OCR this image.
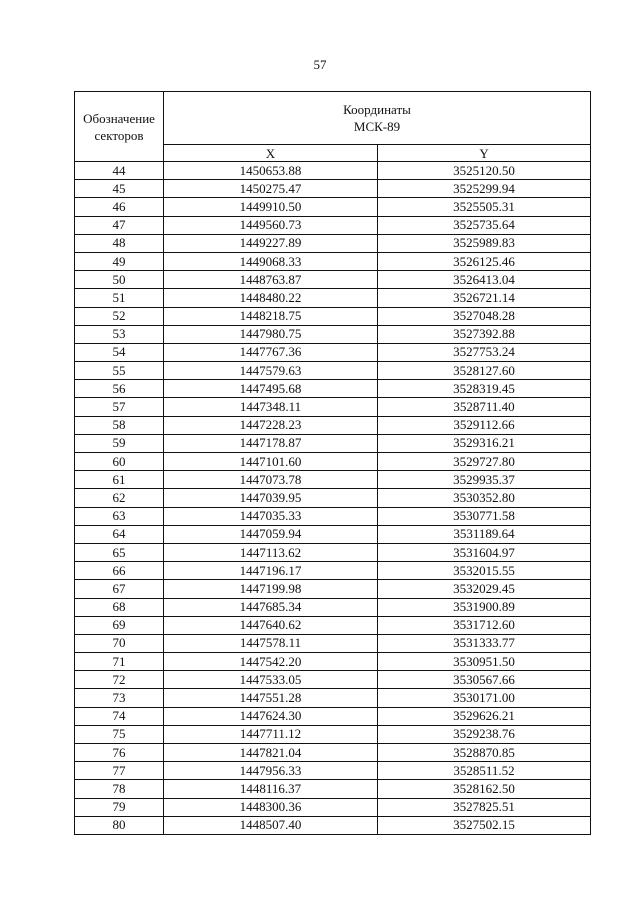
57
Обозначение
секторов	Координаты
МСК-89	

	X	Y
44	1450653.88	3525120.50
45	1450275.47	3525299.94
46	1449910.50	3525505.31
47	1449560.73	3525735.64
48	1449227.89	3525989.83
49	1449068.33	3526125.46
50	1448763.87	3526413.04
51	1448480.22	3526721.14
52	1448218.75	3527048.28
53	1447980.75	3527392.88
54	1447767.36	3527753.24
55	1447579.63	3528127.60
56	1447495.68	3528319.45
57	1447348.11	3528711.40
58	1447228.23	3529112.66
59	1447178.87	3529316.21
60	1447101.60	3529727.80
61	1447073.78	3529935.37
62	1447039.95	3530352.80
63	1447035.33	3530771.58
64	1447059.94	3531189.64
65	1447113.62	3531604.97
66	1447196.17	3532015.55
67	1447199.98	3532029.45
68	1447685.34	3531900.89
69	1447640.62	3531712.60
70	1447578.11	3531333.77
71	1447542.20	3530951.50
72	1447533.05	3530567.66
73	1447551.28	3530171.00
74	1447624.30	3529626.21
75	1447711.12	3529238.76
76	1447821.04	3528870.85
77	1447956.33	3528511.52
78	1448116.37	3528162.50
79	1448300.36	3527825.51
80	1448507.40	3527502.15
